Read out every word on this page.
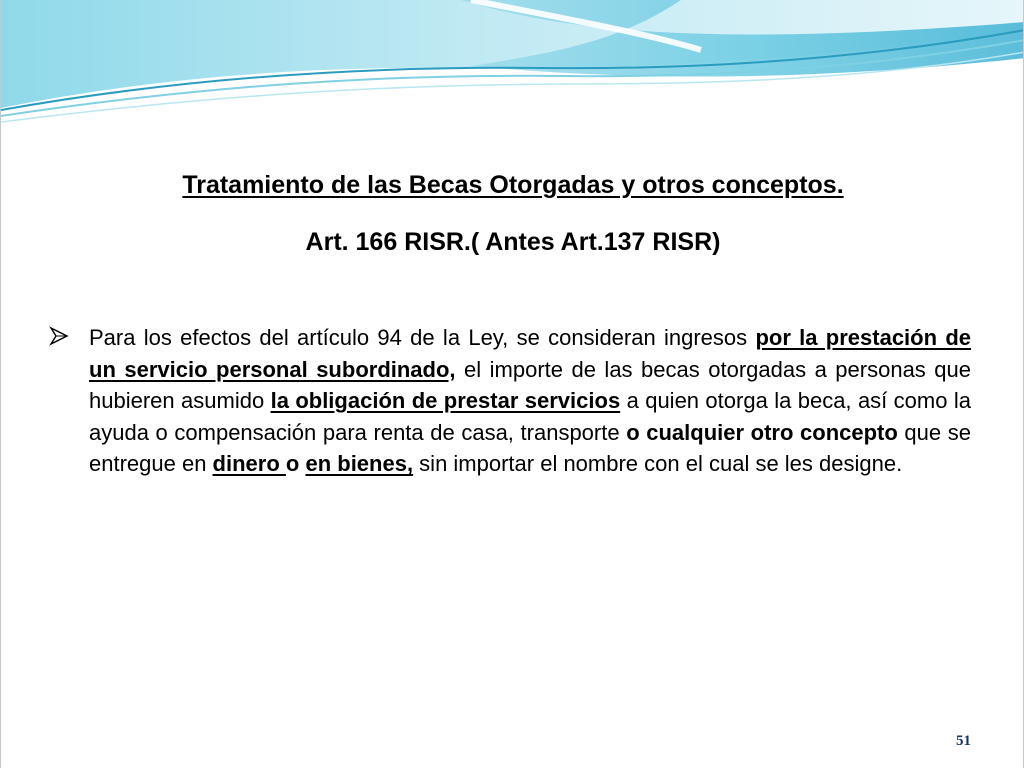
Tratamiento de las Becas Otorgadas y otros conceptos.

Art. 166 RISR.( Antes Art.137 RISR)

Para los efectos del artículo 94 de la Ley, se consideran ingresos por la prestación de un servicio personal subordinado, el importe de las becas otorgadas a personas que hubieren asumido la obligación de prestar servicios a quien otorga la beca, así como la ayuda o compensación para renta de casa, transporte o cualquier otro concepto que se entregue en dinero o en bienes, sin importar el nombre con el cual se les designe.

51
